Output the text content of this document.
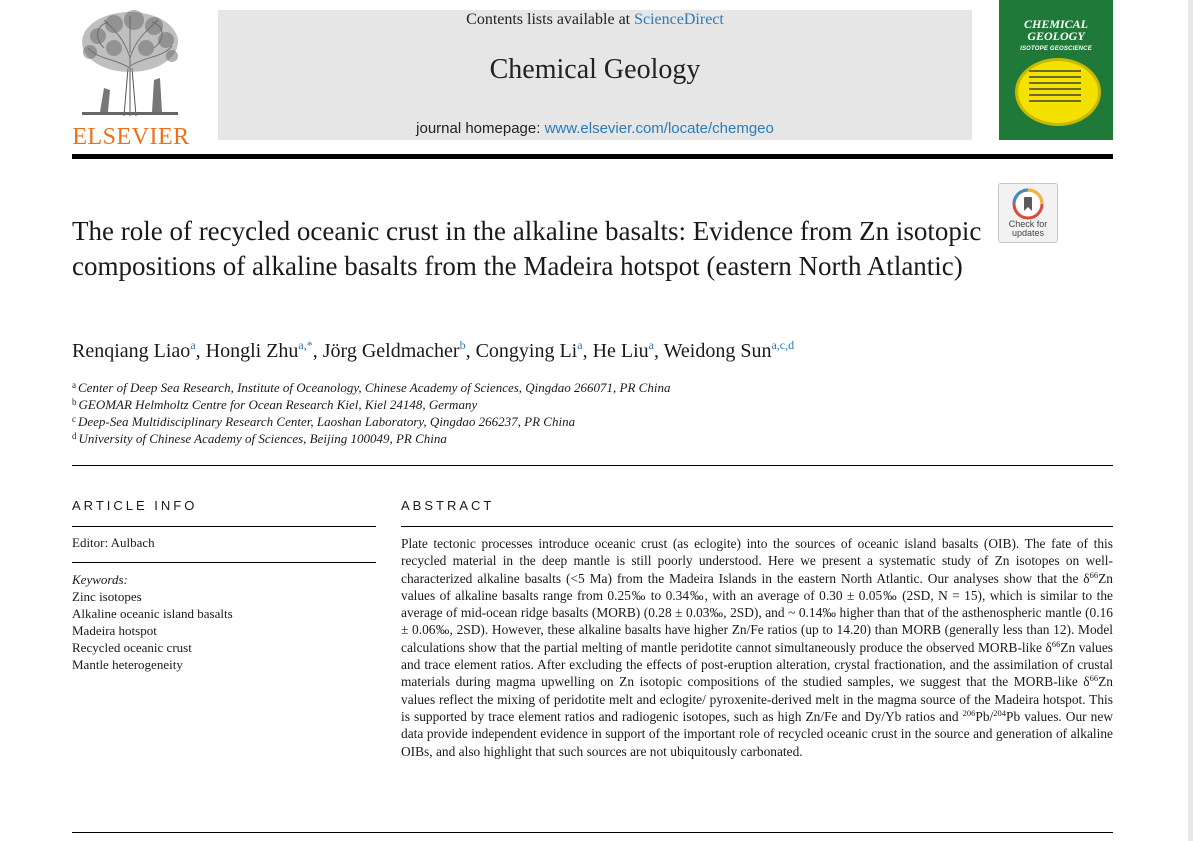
ELSEVIER
Contents lists available at ScienceDirect
Chemical Geology
journal homepage: www.elsevier.com/locate/chemgeo
CHEMICAL
GEOLOGY
ISOTOPE GEOSCIENCE
Check for
updates
The role of recycled oceanic crust in the alkaline basalts: Evidence from Zn isotopic compositions of alkaline basalts from the Madeira hotspot (eastern North Atlantic)
Renqiang Liao$^a$, Hongli Zhu$^{a,*}$, Jörg Geldmacher$^b$, Congying Li$^a$, He Liu$^a$, Weidong Sun$^{a,c,d}$
$^a$ Center of Deep Sea Research, Institute of Oceanology, Chinese Academy of Sciences, Qingdao 266071, PR China
$^b$ GEOMAR Helmholtz Centre for Ocean Research Kiel, Kiel 24148, Germany
$^c$ Deep-Sea Multidisciplinary Research Center, Laoshan Laboratory, Qingdao 266237, PR China
$^d$ University of Chinese Academy of Sciences, Beijing 100049, PR China
ARTICLE INFO
Editor: Aulbach
Keywords:
Zinc isotopes
Alkaline oceanic island basalts
Madeira hotspot
Recycled oceanic crust
Mantle heterogeneity
ABSTRACT
Plate tectonic processes introduce oceanic crust (as eclogite) into the sources of oceanic island basalts (OIB). The fate of this recycled material in the deep mantle is still poorly understood. Here we present a systematic study of Zn isotopes on well-characterized alkaline basalts (<5 Ma) from the Madeira Islands in the eastern North Atlantic. Our analyses show that the $\delta^{66}Zn$ values of alkaline basalts range from 0.25‰ to 0.34‰, with an average of 0.30 ± 0.05‰ (2SD, N = 15), which is similar to the average of mid-ocean ridge basalts (MORB) (0.28 ± 0.03‰, 2SD), and ~ 0.14‰ higher than that of the asthenospheric mantle (0.16 ± 0.06‰, 2SD). However, these alkaline basalts have higher Zn/Fe ratios (up to 14.20) than MORB (generally less than 12). Model calculations show that the partial melting of mantle peridotite cannot simultaneously produce the observed MORB-like $\delta^{66}Zn$ values and trace element ratios. After excluding the effects of post-eruption alteration, crystal fractionation, and the assimilation of crustal materials during magma upwelling on Zn isotopic compositions of the studied samples, we suggest that the MORB-like $\delta^{66}Zn$ values reflect the mixing of peridotite melt and eclogite/ pyroxenite-derived melt in the magma source of the Madeira hotspot. This is supported by trace element ratios and radiogenic isotopes, such as high Zn/Fe and Dy/Yb ratios and $^{206}$Pb/$^{204}$Pb values. Our new data provide independent evidence in support of the important role of recycled oceanic crust in the source and generation of alkaline OIBs, and also highlight that such sources are not ubiquitously carbonated.
